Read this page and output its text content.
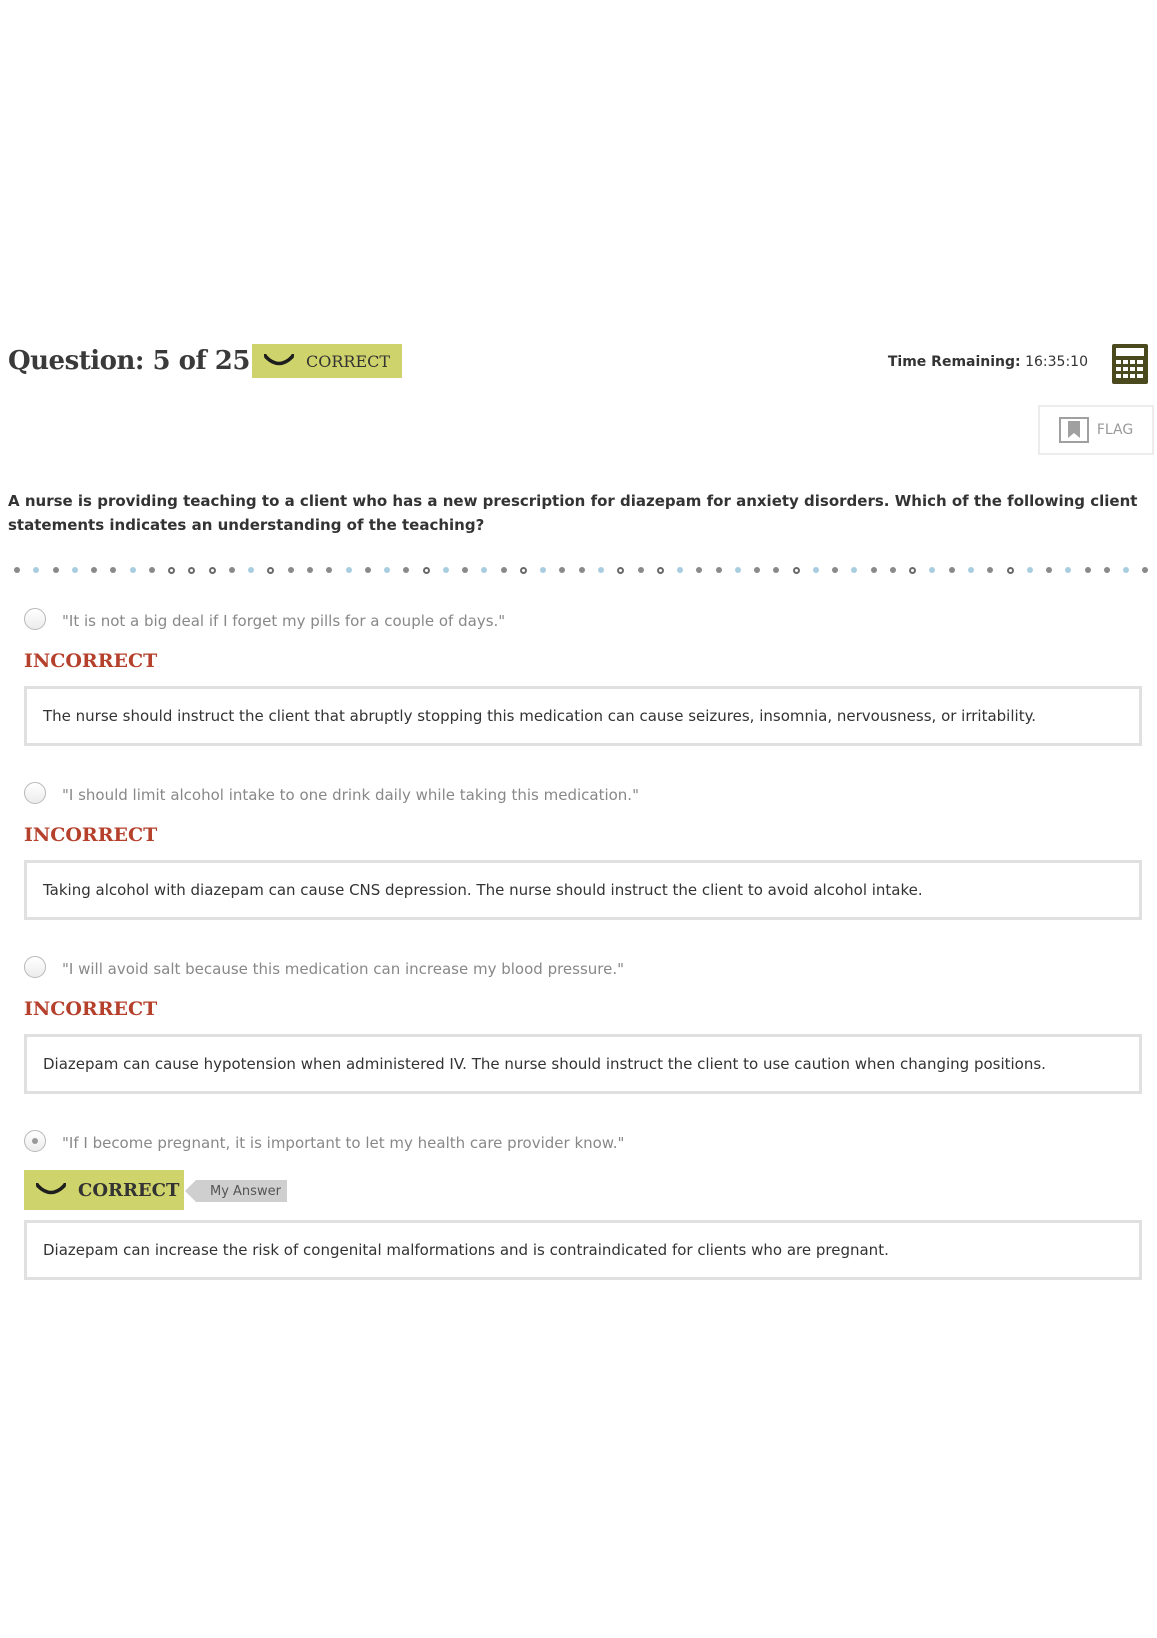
Question: 5 of 25	CORRECT	Time Remaining: 16:35:10
FLAG
A nurse is providing teaching to a client who has a new prescription for diazepam for anxiety disorders. Which of the following client statements indicates an understanding of the teaching?
"It is not a big deal if I forget my pills for a couple of days."
INCORRECT
The nurse should instruct the client that abruptly stopping this medication can cause seizures, insomnia, nervousness, or irritability.
"I should limit alcohol intake to one drink daily while taking this medication."
INCORRECT
Taking alcohol with diazepam can cause CNS depression. The nurse should instruct the client to avoid alcohol intake.
"I will avoid salt because this medication can increase my blood pressure."
INCORRECT
Diazepam can cause hypotension when administered IV. The nurse should instruct the client to use caution when changing positions.
"If I become pregnant, it is important to let my health care provider know."
CORRECT	My Answer
Diazepam can increase the risk of congenital malformations and is contraindicated for clients who are pregnant.
